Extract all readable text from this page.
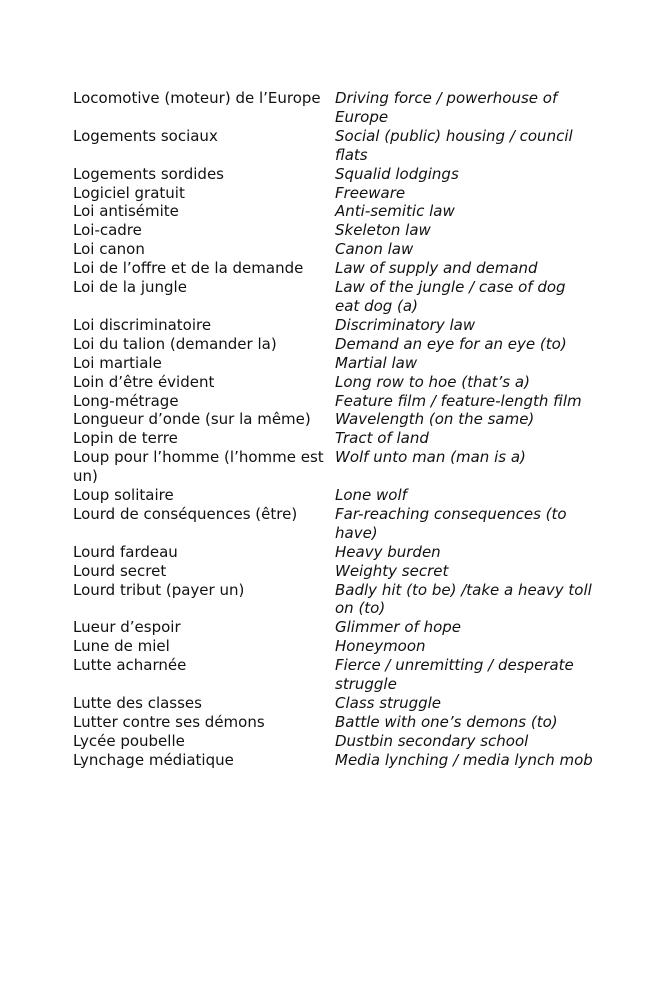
Locomotive (moteur) de l’Europe	Driving force / powerhouse of Europe
Logements sociaux	Social (public) housing / council flats
Logements sordides	Squalid lodgings
Logiciel gratuit	Freeware
Loi antisémite	Anti-semitic law
Loi-cadre	Skeleton law
Loi canon	Canon law
Loi de l’offre et de la demande	Law of supply and demand
Loi de la jungle	Law of the jungle / case of dog eat dog (a)
Loi discriminatoire	Discriminatory law
Loi du talion (demander la)	Demand an eye for an eye (to)
Loi martiale	Martial law
Loin d’être évident	Long row to hoe (that’s a)
Long-métrage	Feature film / feature-length film
Longueur d’onde (sur la même)	Wavelength (on the same)
Lopin de terre	Tract of land
Loup pour l’homme (l’homme est un)	Wolf unto man (man is a)
Loup solitaire	Lone wolf
Lourd de conséquences (être)	Far-reaching consequences (to have)
Lourd fardeau	Heavy burden
Lourd secret	Weighty secret
Lourd tribut (payer un)	Badly hit (to be) /take a heavy toll on (to)
Lueur d’espoir	Glimmer of hope
Lune de miel	Honeymoon
Lutte acharnée	Fierce / unremitting / desperate struggle
Lutte des classes	Class struggle
Lutter contre ses démons	Battle with one’s demons (to)
Lycée poubelle	Dustbin secondary school
Lynchage médiatique	Media lynching / media lynch mob
